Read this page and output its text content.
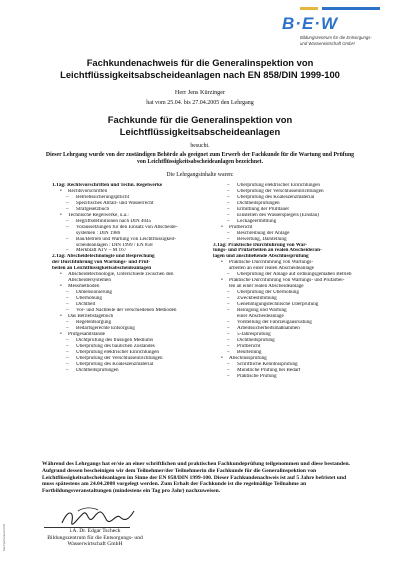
B·E·W
Bildungszentrum für die Entsorgungs-
und Wasserwirtschaft GmbH
Fachkundenachweis für die Generalinspektion von
Leichtflüssigkeitsabscheideanlagen nach EN 858/DIN 1999-100
Herr Jens Kürzinger
hat vom 25.04. bis 27.04.2005 den Lehrgang
Fachkunde für die Generalinspektion von
Leichtflüssigkeitsabscheideanlagen
besucht.
Dieser Lehrgang wurde von der zuständigen Behörde als geeignet zum Erwerb der Fachkunde für die Wartung und Prüfung von Leichtflüssigkeitsabscheideanlagen bezeichnet.
Die Lehrgangsinhalte waren:
1.Tag: Rechtsvorschriften und Techn. Regelwerke
• Rechtsvorschriften
– Betriebssicherungspflicht
– Spezifisches Abfall- und Wasserrecht
– Strafgesetzbuch
• Technische Regelwerke, u.a.:
– Begriffsdefinitionen nach DIN 4045
– Voraussetzungen für den Einsatz von Abscheide-
systemen : DIN 1986
– Bau/Betrieb und Wartung von Leichtflüssigkeit-
scheideanlagen : DIN 1999 / EN 858
– Merkblatt ATV – M 167
2.Tag: Abscheidetechnologie und Besprechung
der Durchführung von Wartungs- und Prüf-
beiten an Leichtflüssigkeitsabscheideanlagen
• Abscheidetechnologie, Unterschiede zwischen den
Abscheidersystemen
• Messmethoden
– Dimensionierung
– Überhöhung
– Dichtheit
– Vor- und Nachteile der verschiedenen Methoden
• Das Betriebstagebuch
– Regelentsorgung
– Bedarfsgerechte Entsorgung
• Prüfgesamtstände
– Dichtprüfung des flüssigen Mediums
– Überprüfung des baulichen Zustandes
– Überprüfung elektrischer Einrichtungen
– Überprüfung der Verschlusseinrichtungen
– Überprüfung des Koaleszenzmaterial
– Dichtheitsprüfungen
– Überprüfung elektrischer Einrichtungen
– Überprüfung der Verschlusseinrichtungen
– Überprüfung des Koaleszenzmaterial
– Dichtheitsprüfungen
– Ermittlung der Prüfdauer
– Einstellen des Wasserspiegels (Einstau)
– Leckageermittlung
• Prüfbericht
– Beschreibung der Anlage
– Bewertung, Darstellung
3.Tag: Praktische Durchführung von War-
tungs- und Prüfarbeiten an realen Abscheideran-
lagen und anschließende Abschlussprüfung
• Praktische Durchführung von Wartungs-
arbeiten an einer realen Abscheideanlage
– Überprüfung der Anlage auf ordnungsgemäßen Betrieb
• Praktische Durchführung von Wartungs- und Prüfarbei-
ten an einer realen Abscheideanlage
– Überprüfung der Überhöhung
– Zweckbestimmung
– Genehmigungstechnische Überprüfung
– Reinigung und Wartung
einer Abscheideanlage
– Vorstellung der Fahrzeugausrüstung
– Arbeitssicherheitsmaßnahmen
– 5-Jahresprüfung
– Dichtheitsprüfung
– Prüfbericht
– Beurteilung
• Abschlussprüfung
– Schriftliche Kenntnisprüfung
– Mündliche Prüfung bei Bedarf
– Praktische Prüfung
Während des Lehrgangs hat er/sie an einer schriftlichen und praktischen Fachkundeprüfung teilgenommen und diese bestanden. Aufgrund dessen bescheinigen wir dem Teilnehmer/der Teilnehmerin die Fachkunde für die Generalinspektion von Leichtflüssigkeitsabscheideanlagen im Sinne der EN 858/DIN 1999-100. Dieser Fachkundenachweis ist auf 5 Jahre befristet und muss spätestens am 24.04.2008 vorgelegt werden. Zum Erhalt der Fachkunde ist die regelmäßige Teilnahme an Fortbildungsveranstaltungen (mindestens ein Tag pro Jahr) nachzuweisen.
i.A. Dr. Edgar Tscheck
Bildungszentrum für die Entsorgungs- und
Wasserwirtschaft GmbH
Stempel/Unterschrift
